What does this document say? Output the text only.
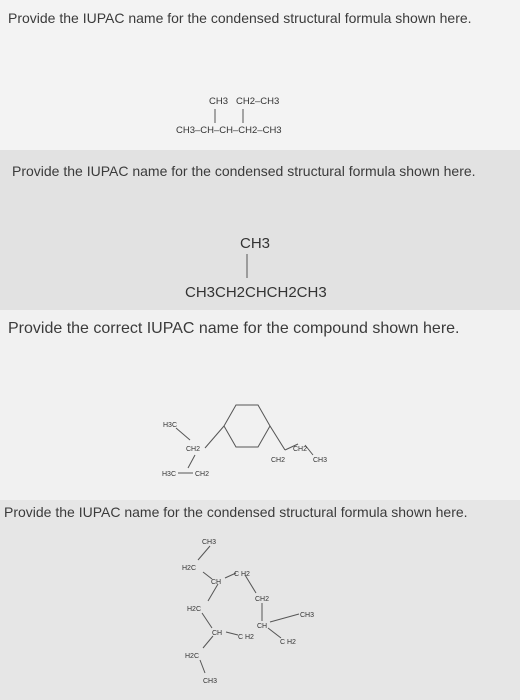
Provide the IUPAC name for the condensed structural formula shown here.
CH3 CH2–CH3
CH3–CH–CH–CH2–CH3
Provide the IUPAC name for the condensed structural formula shown here.
CH3
CH3CH2CHCH2CH3
Provide the correct IUPAC name for the compound shown here.
H3C
CH2
H3C	CH2
CH2
CH2
CH3
Provide the IUPAC name for the condensed structural formula shown here.
CH3
H2C
CH
C H2
CH2
CH3
H2C
CH
CH
C H2
C H2
H2C
CH3
